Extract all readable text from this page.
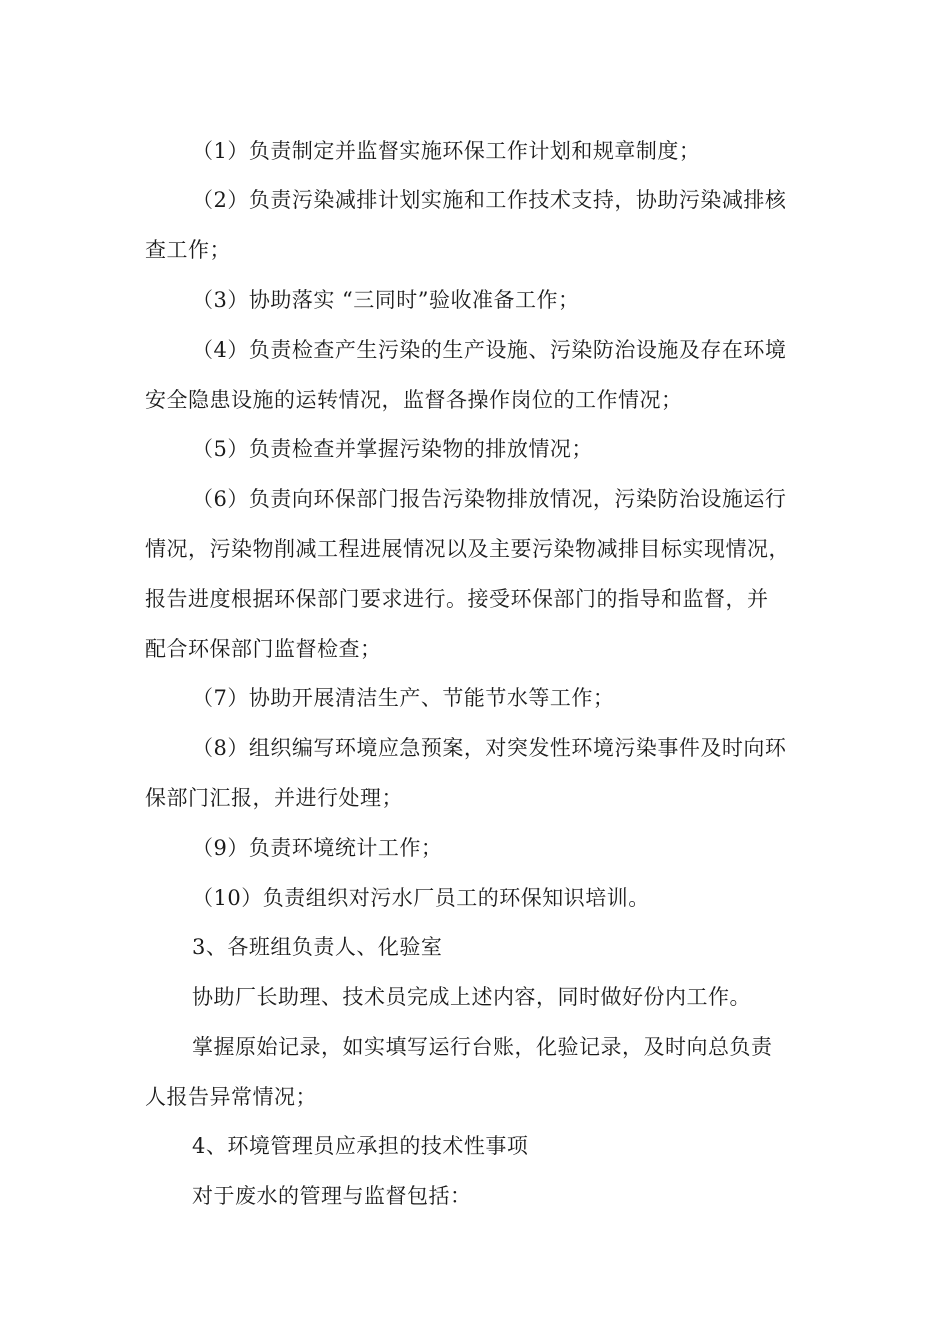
（1）负责制定并监督实施环保工作计划和规章制度；
（2）负责污染减排计划实施和工作技术支持，协助污染减排核
查工作；
（3）协助落实 “三同时”验收准备工作；
（4）负责检查产生污染的生产设施、污染防治设施及存在环境
安全隐患设施的运转情况，监督各操作岗位的工作情况；
（5）负责检查并掌握污染物的排放情况；
（6）负责向环保部门报告污染物排放情况，污染防治设施运行
情况，污染物削减工程进展情况以及主要污染物减排目标实现情况，
报告进度根据环保部门要求进行。接受环保部门的指导和监督，并
配合环保部门监督检查；
（7）协助开展清洁生产、节能节水等工作；
（8）组织编写环境应急预案，对突发性环境污染事件及时向环
保部门汇报，并进行处理；
（9）负责环境统计工作；
（10）负责组织对污水厂员工的环保知识培训。
3、各班组负责人、化验室
协助厂长助理、技术员完成上述内容，同时做好份内工作。
掌握原始记录，如实填写运行台账，化验记录，及时向总负责
人报告异常情况；
4、环境管理员应承担的技术性事项
对于废水的管理与监督包括：
